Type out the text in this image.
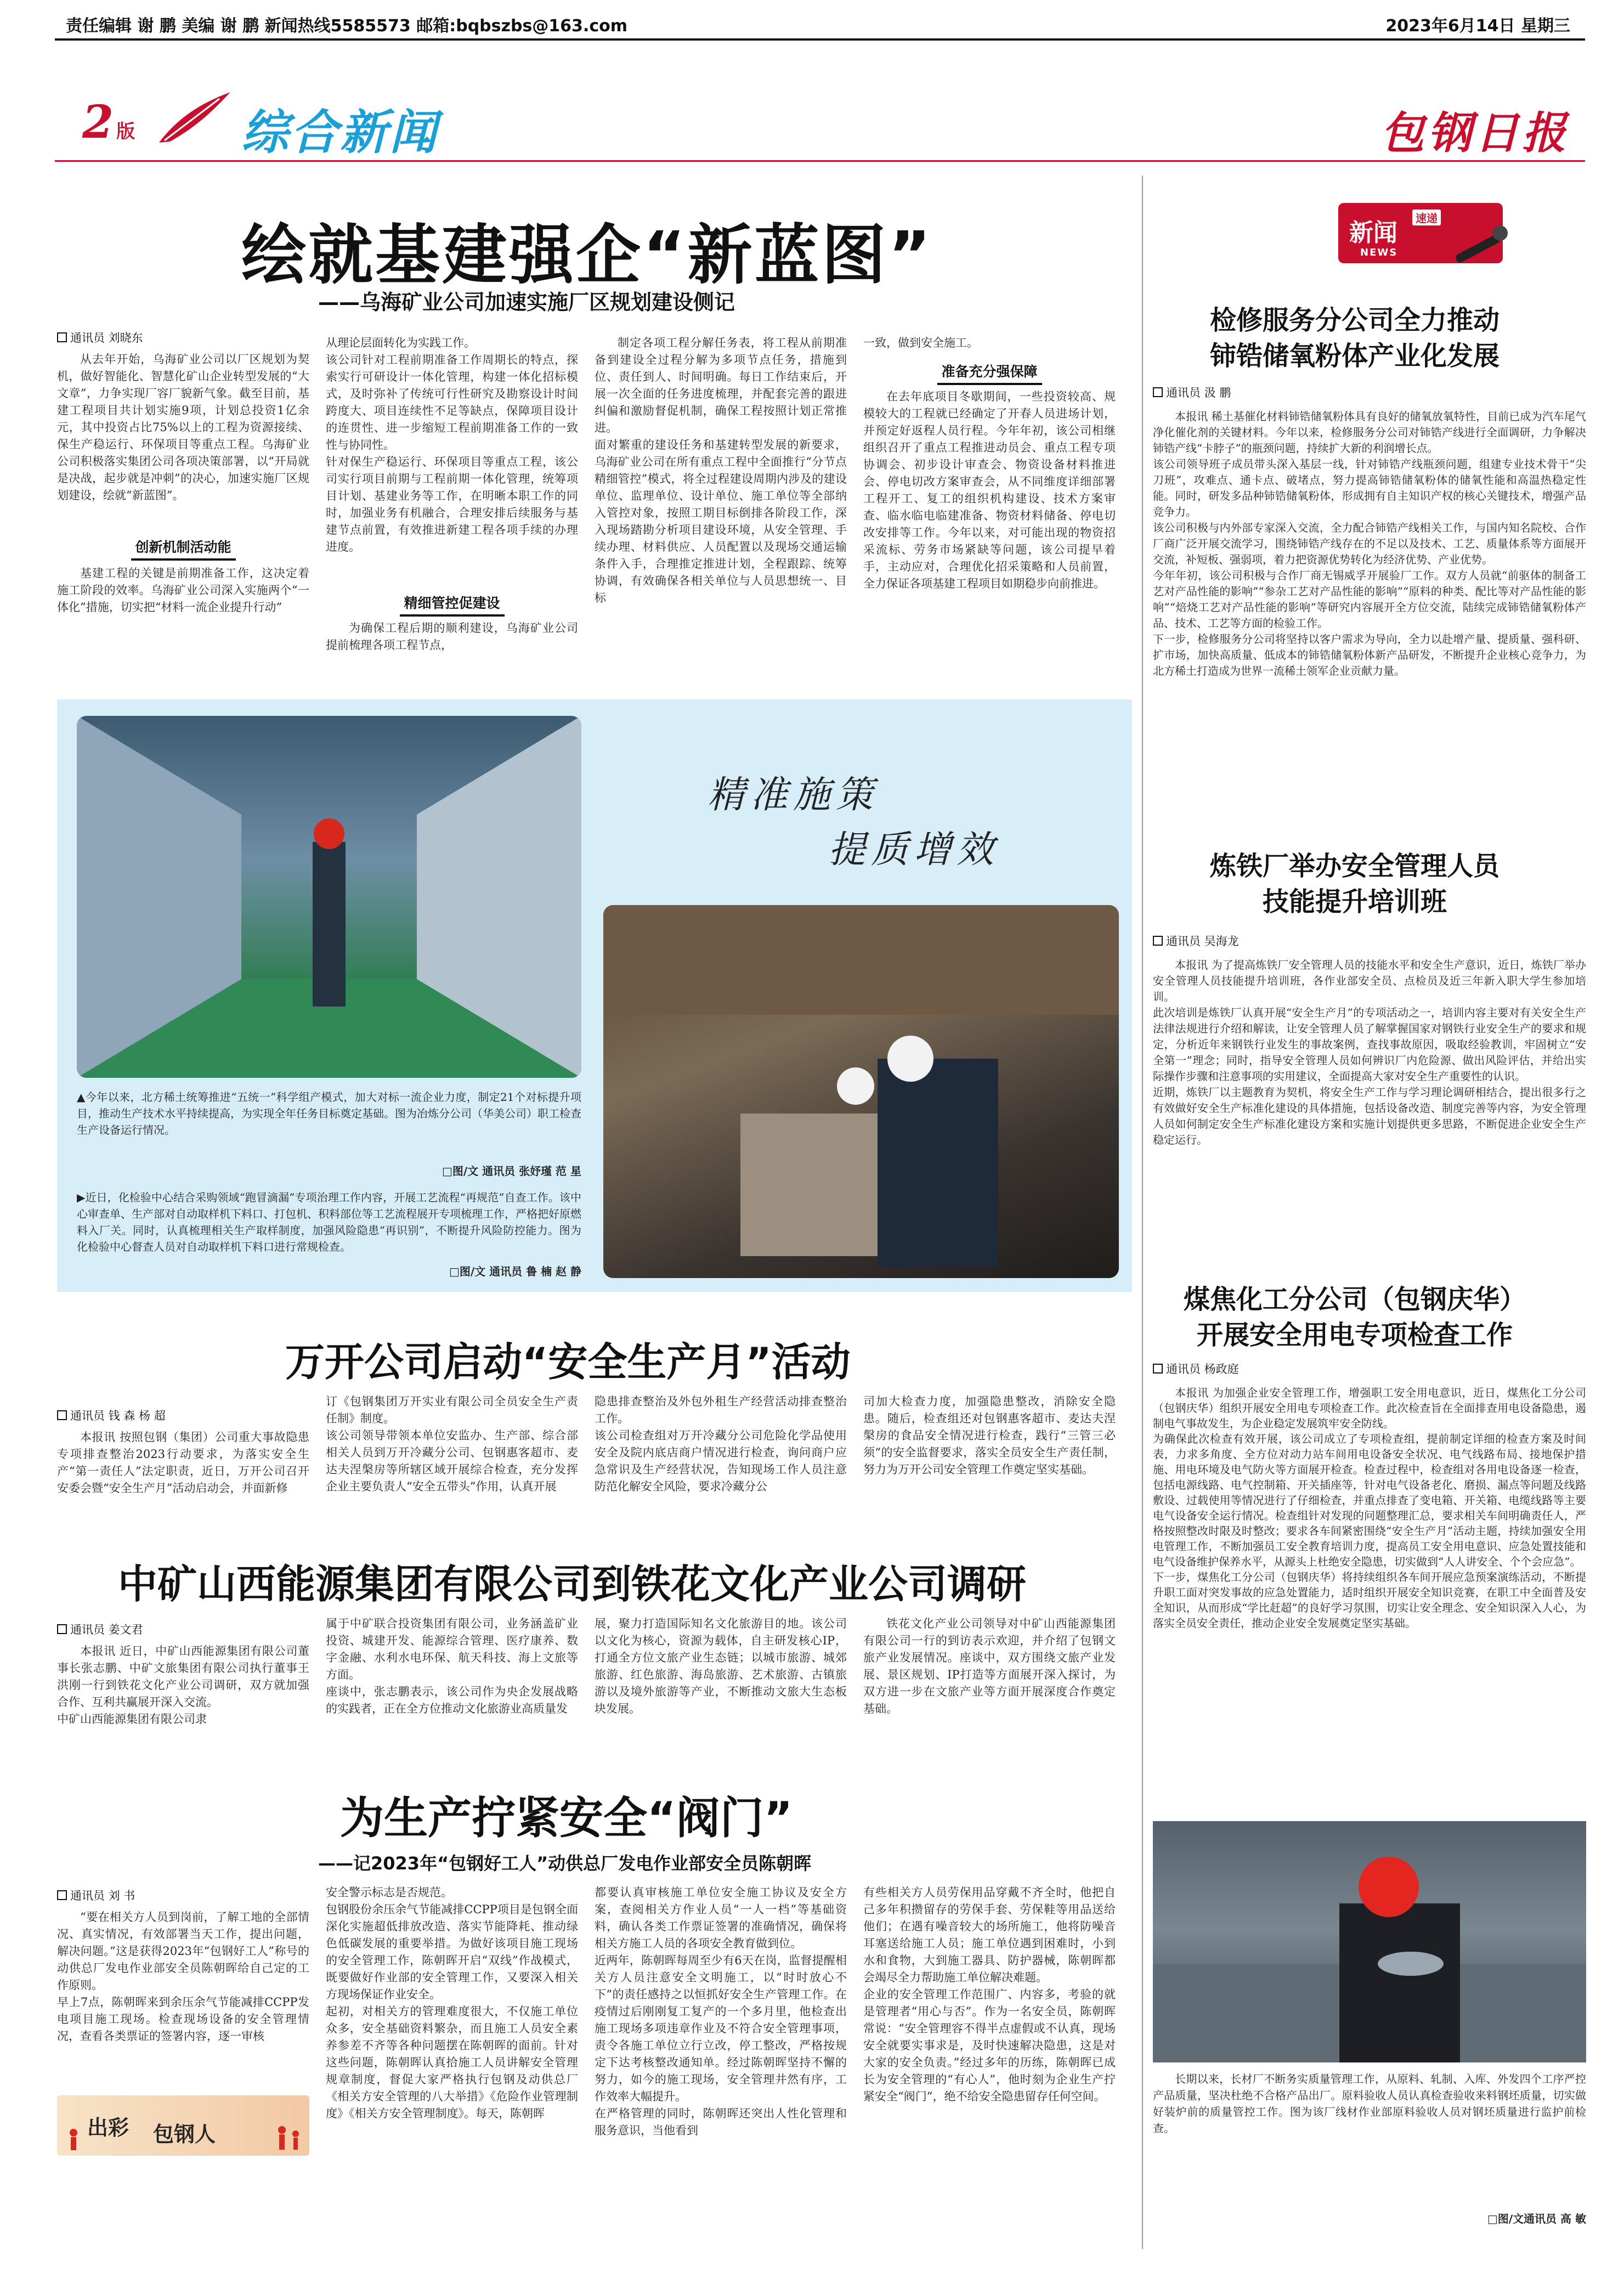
责任编辑 谢 鹏 美编 谢 鹏 新闻热线5585573 邮箱:bqbszbs@163.com	2023年6月14日 星期三
2 版 综合新闻	包钢日报
绘就基建强企“新蓝图”
——乌海矿业公司加速实施厂区规划建设侧记
通讯员 刘晓东
从去年开始，乌海矿业公司以厂区规划为契机，做好智能化、智慧化矿山企业转型发展的“大文章”，力争实现厂容厂貌新气象。截至目前，基建工程项目共计划实施9项，计划总投资1亿余元，其中投资占比75%以上的工程为资源接续、保生产稳运行、环保项目等重点工程。乌海矿业公司积极落实集团公司各项决策部署，以“开局就是决战，起步就是冲刺”的决心，加速实施厂区规划建设，绘就“新蓝图”。
创新机制活动能
基建工程的关键是前期准备工作，这决定着施工阶段的效率。乌海矿业公司深入实施两个“一体化”措施，切实把“材料一流企业提升行动”
从理论层面转化为实践工作。
该公司针对工程前期准备工作周期长的特点，探索实行可研设计一体化管理，构建一体化招标模式，及时弥补了传统可行性研究及勘察设计时间跨度大、项目连续性不足等缺点，保障项目设计的连贯性、进一步缩短工程前期准备工作的一致性与协同性。
针对保生产稳运行、环保项目等重点工程，该公司实行项目前期与工程前期一体化管理，统筹项目计划、基建业务等工作，在明晰本职工作的同时，加强业务有机融合，合理安排后续服务与基建节点前置，有效推进新建工程各项手续的办理进度。
精细管控促建设
为确保工程后期的顺利建设，乌海矿业公司提前梳理各项工程节点，
制定各项工程分解任务表，将工程从前期准备到建设全过程分解为多项节点任务，措施到位、责任到人、时间明确。每日工作结束后，开展一次全面的任务进度梳理，并配套完善的跟进纠偏和激励督促机制，确保工程按照计划正常推进。
面对繁重的建设任务和基建转型发展的新要求，乌海矿业公司在所有重点工程中全面推行“分节点精细管控”模式，将全过程建设周期内涉及的建设单位、监理单位、设计单位、施工单位等全部纳入管控对象，按照工期目标倒排各阶段工作，深入现场踏勘分析项目建设环境，从安全管理、手续办理、材料供应、人员配置以及现场交通运输条件入手，合理推定推进计划，全程跟踪、统筹协调，有效确保各相关单位与人员思想统一、目标
一致，做到安全施工。
准备充分强保障
在去年底项目冬歇期间，一些投资较高、规模较大的工程就已经确定了开春人员进场计划，并预定好返程人员行程。今年年初，该公司相继组织召开了重点工程推进动员会、重点工程专项协调会、初步设计审查会、物资设备材料推进会、停电切改方案审查会，从不同维度详细部署工程开工、复工的组织机构建设、技术方案审查、临水临电临建准备、物资材料储备、停电切改安排等工作。今年以来，对可能出现的物资招采流标、劳务市场紧缺等问题，该公司提早着手，主动应对，合理优化招采策略和人员前置，全力保证各项基建工程项目如期稳步向前推进。
精准施策
提质增效
▲今年以来，北方稀土统筹推进“五统一”科学组产模式，加大对标一流企业力度，制定21个对标提升项目，推动生产技术水平持续提高，为实现全年任务目标奠定基础。图为冶炼分公司（华美公司）职工检查生产设备运行情况。
□图/文 通讯员 张妤瑾 范 星
▶近日，化检验中心结合采购领域“跑冒滴漏”专项治理工作内容，开展工艺流程“再规范”自查工作。该中心审查单、生产部对自动取样机下料口、打包机、积料部位等工艺流程展开专项梳理工作，严格把好原燃料入厂关。同时，认真梳理相关生产取样制度，加强风险隐患“再识别”，不断提升风险防控能力。图为化检验中心督查人员对自动取样机下料口进行常规检查。
□图/文 通讯员 鲁 楠 赵 静
万开公司启动“安全生产月”活动
通讯员 钱 森 杨 超
本报讯 按照包钢（集团）公司重大事故隐患专项排查整治2023行动要求，为落实安全生产“第一责任人”法定职责，近日，万开公司召开安委会暨“安全生产月”活动启动会，并面新修
订《包钢集团万开实业有限公司全员安全生产责任制》制度。
该公司领导带领本单位安监办、生产部、综合部相关人员到万开冷藏分公司、包钢惠客超市、麦达夫涅槃房等所辖区域开展综合检查，充分发挥企业主要负责人“安全五带头”作用，认真开展
隐患排查整治及外包外租生产经营活动排查整治工作。
该公司检查组对万开冷藏分公司危险化学品使用安全及院内底店商户情况进行检查，询问商户应急常识及生产经营状况，告知现场工作人员注意防范化解安全风险，要求冷藏分公
司加大检查力度，加强隐患整改，消除安全隐患。随后，检查组还对包钢惠客超市、麦达夫涅槃房的食品安全情况进行检查，践行“三管三必须”的安全监督要求，落实全员安全生产责任制，努力为万开公司安全管理工作奠定坚实基础。
中矿山西能源集团有限公司到铁花文化产业公司调研
通讯员 姜文君
本报讯 近日，中矿山西能源集团有限公司董事长张志鹏、中矿文旅集团有限公司执行董事王洪刚一行到铁花文化产业公司调研，双方就加强合作、互利共赢展开深入交流。
中矿山西能源集团有限公司隶
属于中矿联合投资集团有限公司，业务涵盖矿业投资、城建开发、能源综合管理、医疗康养、数字金融、水利水电环保、航天科技、海上文旅等方面。
座谈中，张志鹏表示，该公司作为央企发展战略的实践者，正在全方位推动文化旅游业高质量发
展，聚力打造国际知名文化旅游目的地。该公司以文化为核心，资源为载体，自主研发核心IP，打通全方位文旅产业生态链；以城市旅游、城郊旅游、红色旅游、海岛旅游、艺术旅游、古镇旅游以及境外旅游等产业，不断推动文旅大生态板块发展。
铁花文化产业公司领导对中矿山西能源集团有限公司一行的到访表示欢迎，并介绍了包钢文旅产业发展情况。座谈中，双方围绕文旅产业发展、景区规划、IP打造等方面展开深入探讨，为双方进一步在文旅产业等方面开展深度合作奠定基础。
为生产拧紧安全“阀门”
——记2023年“包钢好工人”动供总厂发电作业部安全员陈朝晖
通讯员 刘 书
“要在相关方人员到岗前，了解工地的全部情况、真实情况，有效部署当天工作，提出问题，解决问题。”这是获得2023年“包钢好工人”称号的动供总厂发电作业部安全员陈朝晖给自己定的工作原则。
早上7点，陈朝晖来到余压余气节能减排CCPP发电项目施工现场。检查现场设备的安全管理情况，查看各类票证的签署内容，逐一审核
出彩 包钢人
安全警示标志是否规范。
包钢股份余压余气节能减排CCPP项目是包钢全面深化实施超低排放改造、落实节能降耗、推动绿色低碳发展的重要举措。为做好该项目施工现场的安全管理工作，陈朝晖开启“双线”作战模式，既要做好作业部的安全管理工作，又要深入相关方现场保证作业安全。
起初，对相关方的管理难度很大，不仅施工单位众多，安全基础资料繁杂，而且施工人员安全素养参差不齐等各种问题摆在陈朝晖的面前。针对这些问题，陈朝晖认真拾施工人员讲解安全管理规章制度，督促大家严格执行包钢及动供总厂《相关方安全管理的八大举措》《危险作业管理制度》《相关方安全管理制度》。每天，陈朝晖
都要认真审核施工单位安全施工协议及安全方案，查阅相关方作业人员“一人一档”等基础资料，确认各类工作票证签署的准确情况，确保将相关方施工人员的各项安全教育做到位。
近两年，陈朝晖每周至少有6天在岗，监督提醒相关方人员注意安全文明施工，以“时时放心不下”的责任感持之以恒抓好安全生产管理工作。在疫情过后刚刚复工复产的一个多月里，他检查出施工现场多项违章作业及不符合安全管理事项，责令各施工单位立行立改，停工整改，严格按规定下达考核整改通知单。经过陈朝晖坚持不懈的努力，如今的施工现场，安全管理井然有序，工作效率大幅提升。
在严格管理的同时，陈朝晖还突出人性化管理和服务意识，当他看到
有些相关方人员劳保用品穿戴不齐全时，他把自己多年积攒留存的劳保手套、劳保鞋等用品送给他们；在遇有噪音较大的场所施工，他将防噪音耳塞送给施工人员；施工单位遇到困难时，小到水和食物，大到施工器具、防护器械，陈朝晖都会竭尽全力帮助施工单位解决难题。
企业的安全管理工作范围广、内容多，考验的就是管理者“用心与否”。作为一名安全员，陈朝晖常说：“安全管理容不得半点虚假或不认真，现场安全就要实事求是，及时快速解决隐患，这是对大家的安全负责。”经过多年的历练，陈朝晖已成长为安全管理的“有心人”，他时刻为企业生产拧紧安全“阀门”，绝不给安全隐患留存任何空间。
新闻
速递
NEWS
检修服务分公司全力推动
铈锆储氧粉体产业化发展
通讯员 汲 鹏
本报讯 稀土基催化材料铈锆储氧粉体具有良好的储氧放氧特性，目前已成为汽车尾气净化催化剂的关键材料。今年以来，检修服务分公司对铈锆产线进行全面调研，力争解决铈锆产线“卡脖子”的瓶颈问题，持续扩大新的利润增长点。
该公司领导班子成员带头深入基层一线，针对铈锆产线瓶颈问题，组建专业技术骨干“尖刀班”，攻难点、通卡点、破堵点，努力提高铈锆储氧粉体的储氧性能和高温热稳定性能。同时，研发多品种铈锆储氧粉体，形成拥有自主知识产权的核心关键技术，增强产品竞争力。
该公司积极与内外部专家深入交流，全力配合铈锆产线相关工作，与国内知名院校、合作厂商广泛开展交流学习，围绕铈锆产线存在的不足以及技术、工艺、质量体系等方面展开交流，补短板、强弱项，着力把资源优势转化为经济优势、产业优势。
今年年初，该公司积极与合作厂商无锡威孚开展验厂工作。双方人员就“前驱体的制备工艺对产品性能的影响”“参杂工艺对产品性能的影响”“原料的种类、配比等对产品性能的影响”“焙烧工艺对产品性能的影响”等研究内容展开全方位交流，陆续完成铈锆储氧粉体产品、技术、工艺等方面的检验工作。
下一步，检修服务分公司将坚持以客户需求为导向，全力以赴增产量、提质量、强科研、扩市场，加快高质量、低成本的铈锆储氧粉体新产品研发，不断提升企业核心竞争力，为北方稀土打造成为世界一流稀土领军企业贡献力量。
炼铁厂举办安全管理人员
技能提升培训班
通讯员 吴海龙
本报讯 为了提高炼铁厂安全管理人员的技能水平和安全生产意识，近日，炼铁厂举办安全管理人员技能提升培训班，各作业部安全员、点检员及近三年新入职大学生参加培训。
此次培训是炼铁厂认真开展“安全生产月”的专项活动之一，培训内容主要对有关安全生产法律法规进行介绍和解读，让安全管理人员了解掌握国家对钢铁行业安全生产的要求和规定，分析近年来钢铁行业发生的事故案例，查找事故原因，吸取经验教训，牢固树立“安全第一”理念；同时，指导安全管理人员如何辨识厂内危险源、做出风险评估，并给出实际操作步骤和注意事项的实用建议，全面提高大家对安全生产重要性的认识。
近期，炼铁厂以主题教育为契机，将安全生产工作与学习理论调研相结合，提出很多行之有效做好安全生产标准化建设的具体措施，包括设备改造、制度完善等内容，为安全管理人员如何制定安全生产标准化建设方案和实施计划提供更多思路，不断促进企业安全生产稳定运行。
煤焦化工分公司（包钢庆华）
开展安全用电专项检查工作
通讯员 杨政庭
本报讯 为加强企业安全管理工作，增强职工安全用电意识，近日，煤焦化工分公司（包钢庆华）组织开展安全用电专项检查工作。此次检查旨在全面排查用电设备隐患，遏制电气事故发生，为企业稳定发展筑牢安全防线。
为确保此次检查有效开展，该公司成立了专项检查组，提前制定详细的检查方案及时间表，力求多角度、全方位对动力站车间用电设备安全状况、电气线路布局、接地保护措施、用电环境及电气防火等方面展开检查。检查过程中，检查组对各用电设备逐一检查，包括电源线路、电气控制箱、开关插座等，针对电气设备老化、磨损、漏点等问题及线路敷设、过载使用等情况进行了仔细检查，并重点排查了变电箱、开关箱、电缆线路等主要电气设备安全运行情况。检查组针对发现的问题整理汇总，要求相关车间明确责任人，严格按照整改时限及时整改；要求各车间紧密围绕“安全生产月”活动主题，持续加强安全用电管理工作，不断加强员工安全教育培训力度，提高员工安全用电意识、应急处置技能和电气设备维护保养水平，从源头上杜绝安全隐患，切实做到“人人讲安全、个个会应急”。
下一步，煤焦化工分公司（包钢庆华）将持续组织各车间开展应急预案演练活动，不断提升职工面对突发事故的应急处置能力，适时组织开展安全知识竞赛，在职工中全面普及安全知识，从而形成“学比赶超”的良好学习氛围，切实让安全理念、安全知识深入人心，为落实全员安全责任，推动企业安全发展奠定坚实基础。
长期以来，长材厂不断务实质量管理工作，从原料、轧制、入库、外发四个工序严控产品质量，坚决杜绝不合格产品出厂。原料验收人员认真检查验收来料钢坯质量，切实做好装炉前的质量管控工作。图为该厂线材作业部原料验收人员对钢坯质量进行监护前检查。
□图/文通讯员 高 敏
